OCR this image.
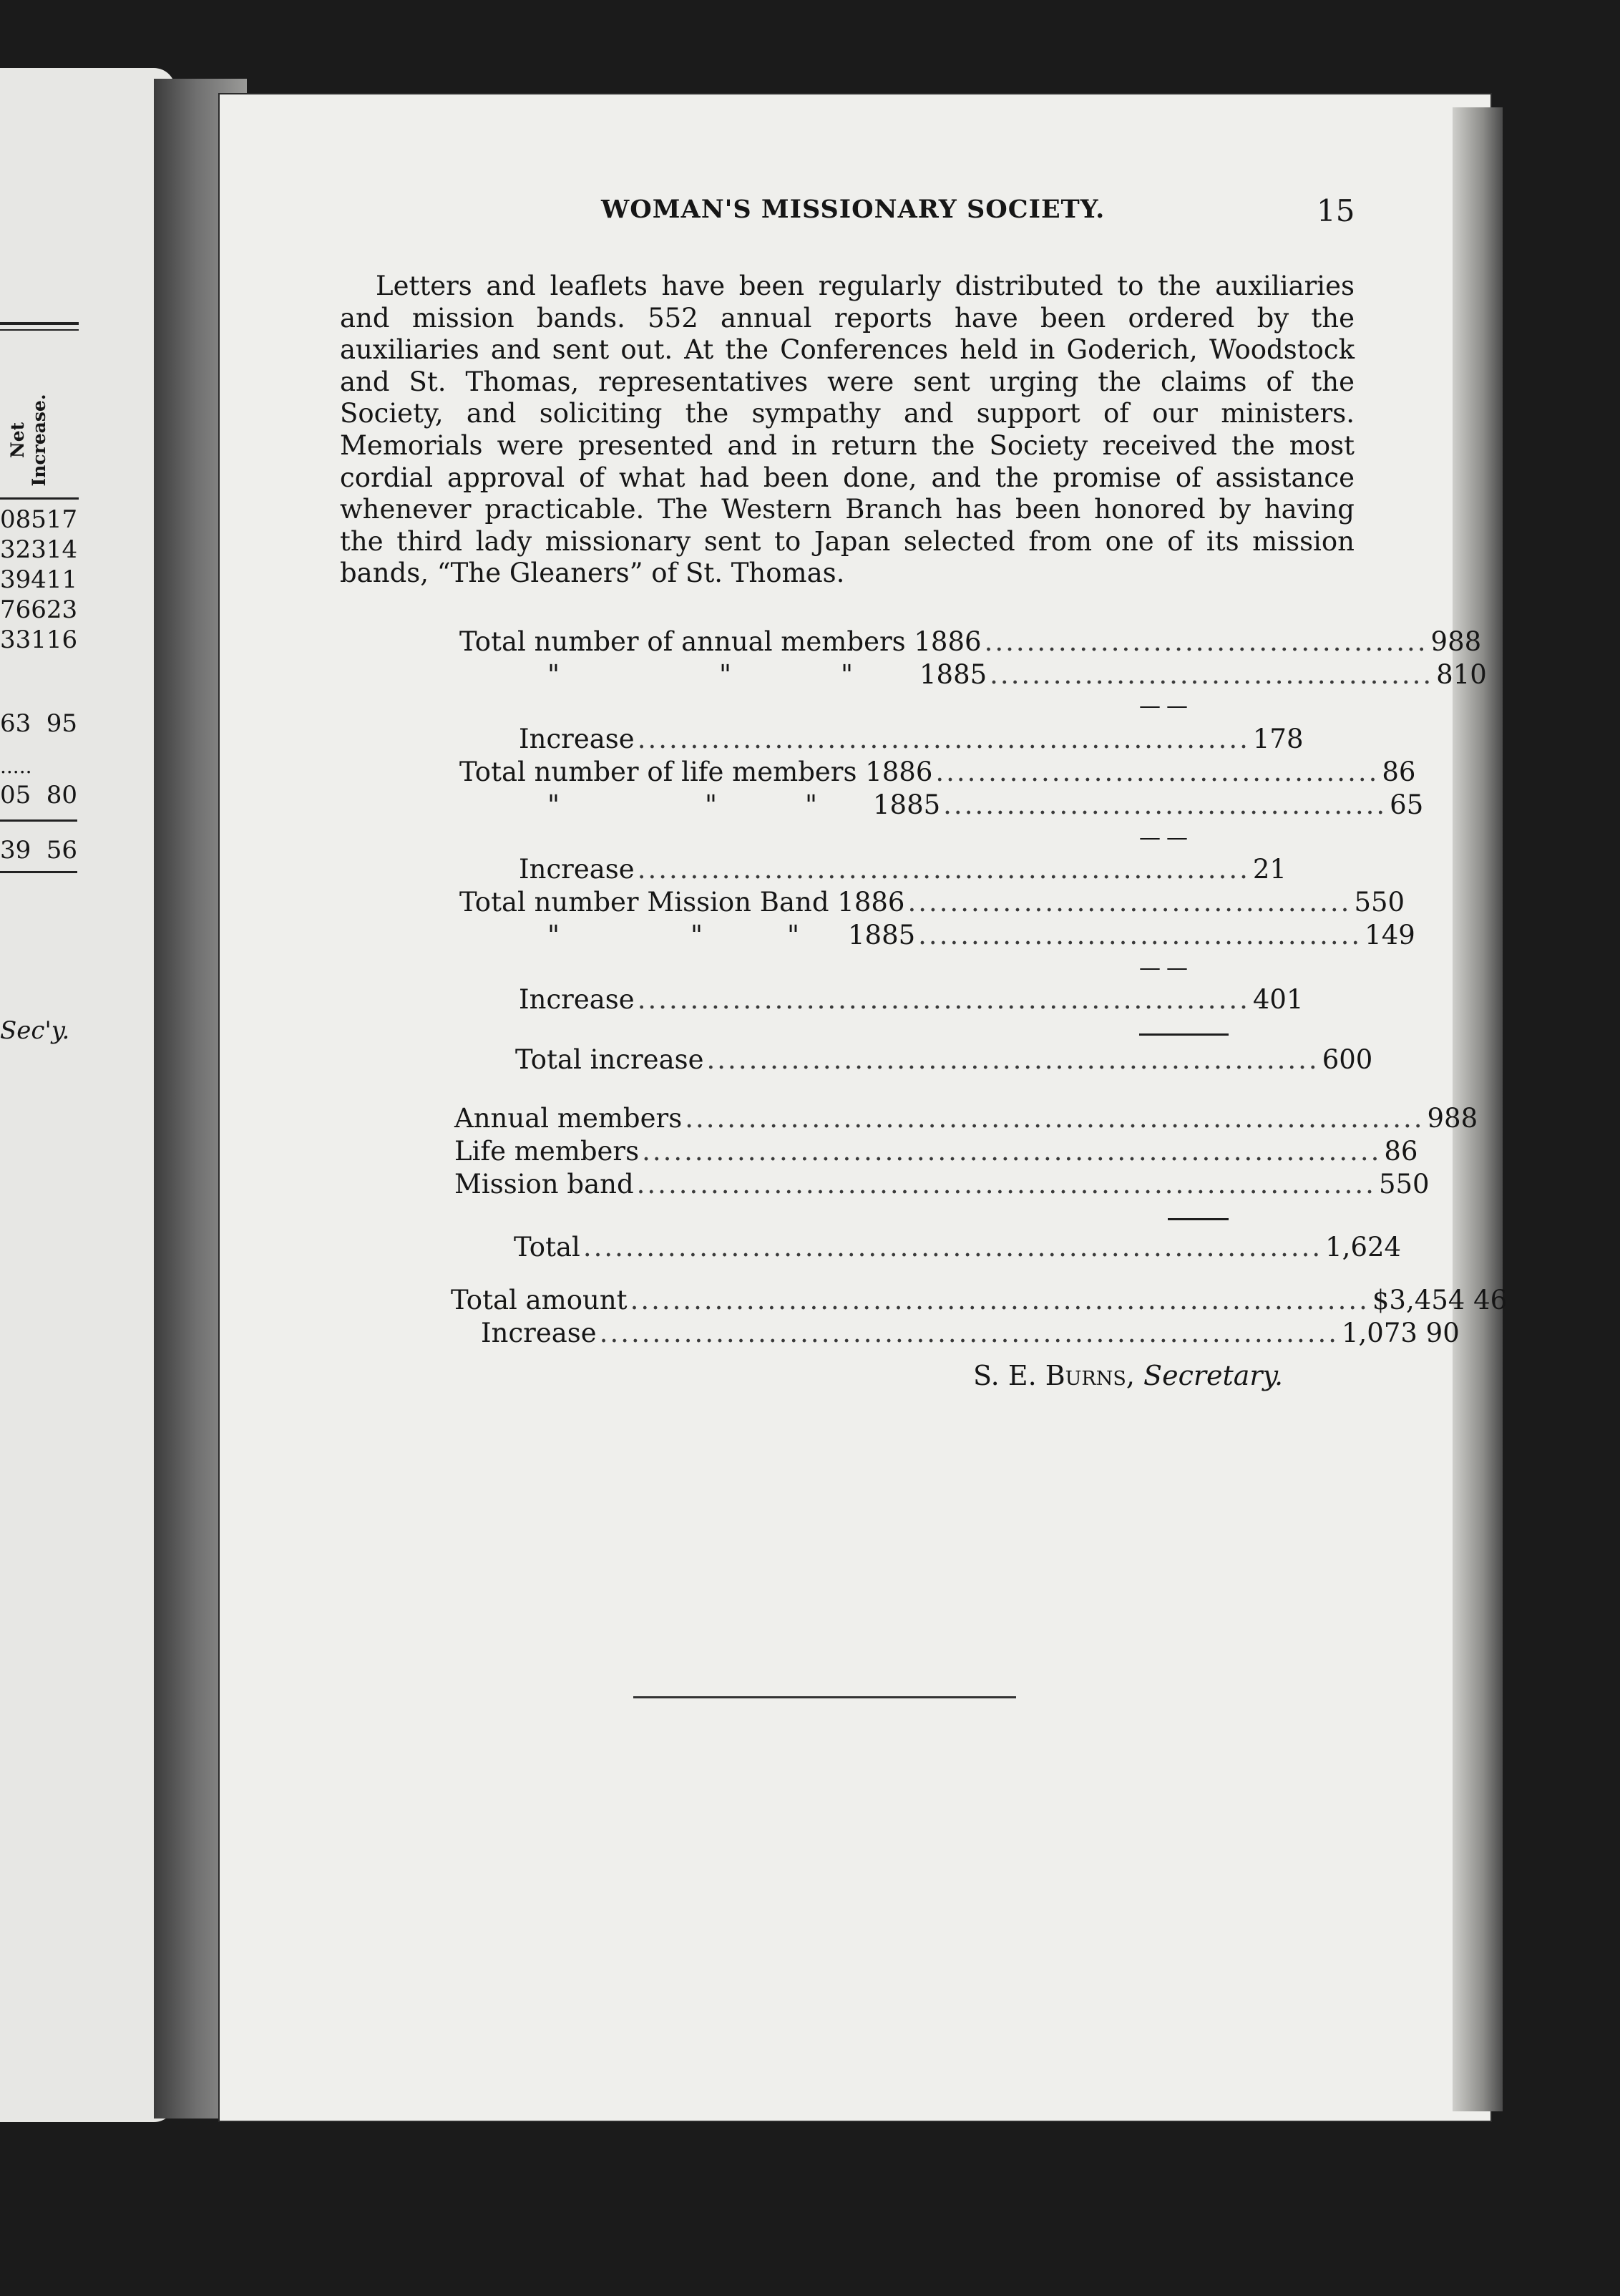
Net Increase.
085 17
323 14
394 11
766 23
331 16
63 95
.....
05 80
39 56
Sec'y.
WOMAN'S MISSIONARY SOCIETY.	15

Letters and leaflets have been regularly distributed to the auxiliaries and mission bands. 552 annual reports have been ordered by the auxiliaries and sent out. At the Conferences held in Goderich, Woodstock and St. Thomas, representatives were sent urging the claims of the Society, and soliciting the sympathy and support of our ministers. Memorials were presented and in return the Society received the most cordial approval of what had been done, and the promise of assistance whenever practicable. The Western Branch has been honored by having the third lady missionary sent to Japan selected from one of its mission bands, “The Gleaners” of St. Thomas.

Total number of annual members 1886 .......................................... 988
"	"	"	1885 .......................................... 810
——
Increase .......................................................... 178
Total number of life members 1886 .......................................... 86
"	"	"	1885 .......................................... 65
——
Increase .......................................................... 21
Total number Mission Band 1886 .......................................... 550
"	"	"	1885 .......................................... 149
——
Increase .......................................................... 401
Total increase .......................................................... 600
Annual members ...................................................................... 988
Life members ...................................................................... 86
Mission band ...................................................................... 550
Total ...................................................................... 1,624
Total amount ...................................................................... $3,454 46
Increase ...................................................................... 1,073 90
S. E. Burns, Secretary.
